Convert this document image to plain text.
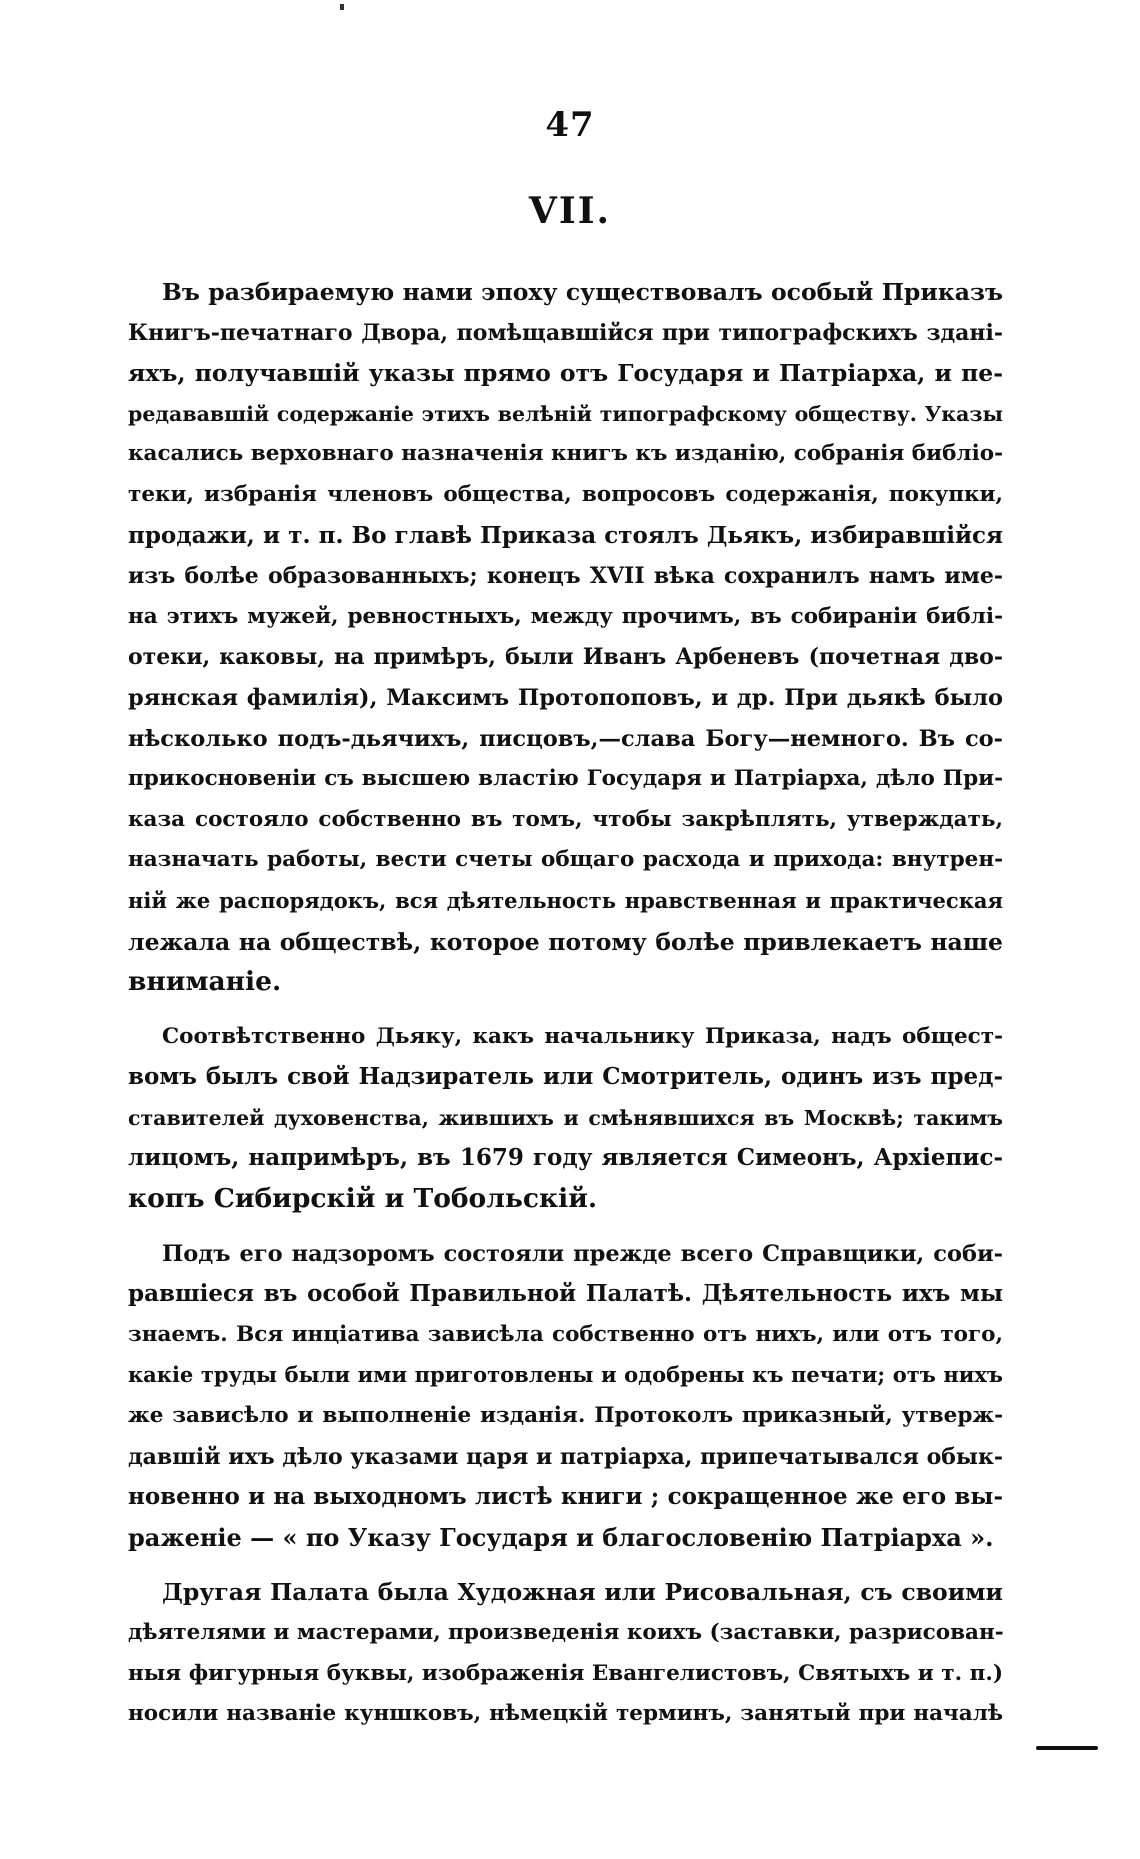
47
VII.
Въ разбираемую нами эпоху существовалъ особый Приказъ
Книгъ-печатнаго Двора, помѣщавшійся при типографскихъ зданi-
яхъ, получавшій указы прямо отъ Государя и Патріарха, и пе-
редававшій содержаніе этихъ велѣній типографскому обществу. Указы
касались верховнаго назначенія книгъ къ изданію, собранія библіо-
теки, избранія членовъ общества, вопросовъ содержанія, покупки,
продажи, и т. п. Во главѣ Приказа стоялъ Дьякъ, избиравшійся
изъ болѣе образованныхъ; конецъ XVII вѣка сохранилъ намъ име-
на этихъ мужей, ревностныхъ, между прочимъ, въ собираніи библі-
отеки, каковы, на примѣръ, были Иванъ Арбеневъ (почетная дво-
рянская фамилія), Максимъ Протопоповъ, и др. При дьякѣ было
нѣсколько подъ-дьячихъ, писцовъ,—слава Богу—немного. Въ со-
прикосновеніи съ высшею властію Государя и Патріарха, дѣло При-
каза состояло собственно въ томъ, чтобы закрѣплять, утверждать,
назначать работы, вести счеты общаго расхода и прихода: внутрен-
ній же распорядокъ, вся дѣятельность нравственная и практическая
лежала на обществѣ, которое потому болѣе привлекаетъ наше
вниманіе.
Соотвѣтственно Дьяку, какъ начальнику Приказа, надъ общест-
вомъ былъ свой Надзиратель или Смотритель, одинъ изъ пред-
ставителей духовенства, жившихъ и смѣнявшихся въ Москвѣ; такимъ
лицомъ, напримѣръ, въ 1679 году является Симеонъ, Архіепис-
копъ Сибирскій и Тобольскій.
Подъ его надзоромъ состояли прежде всего Справщики, соби-
равшіеся въ особой Правильной Палатѣ. Дѣятельность ихъ мы
знаемъ. Вся инціатива зависѣла собственно отъ нихъ, или отъ того,
какіе труды были ими приготовлены и одобрены къ печати; отъ нихъ
же зависѣло и выполненіе изданія. Протоколъ приказный, утверж-
давшій ихъ дѣло указами царя и патріарха, припечатывался обык-
новенно и на выходномъ листѣ книги ; сокращенное же его вы-
раженіе — « по Указу Государя и благословенію Патріарха ».
Другая Палата была Художная или Рисовальная, съ своими
дѣятелями и мастерами, произведенія коихъ (заставки, разрисован-
ныя фигурныя буквы, изображенія Евангелистовъ, Святыхъ и т. п.)
носили названіе куншковъ, нѣмецкій терминъ, занятый при началѣ
